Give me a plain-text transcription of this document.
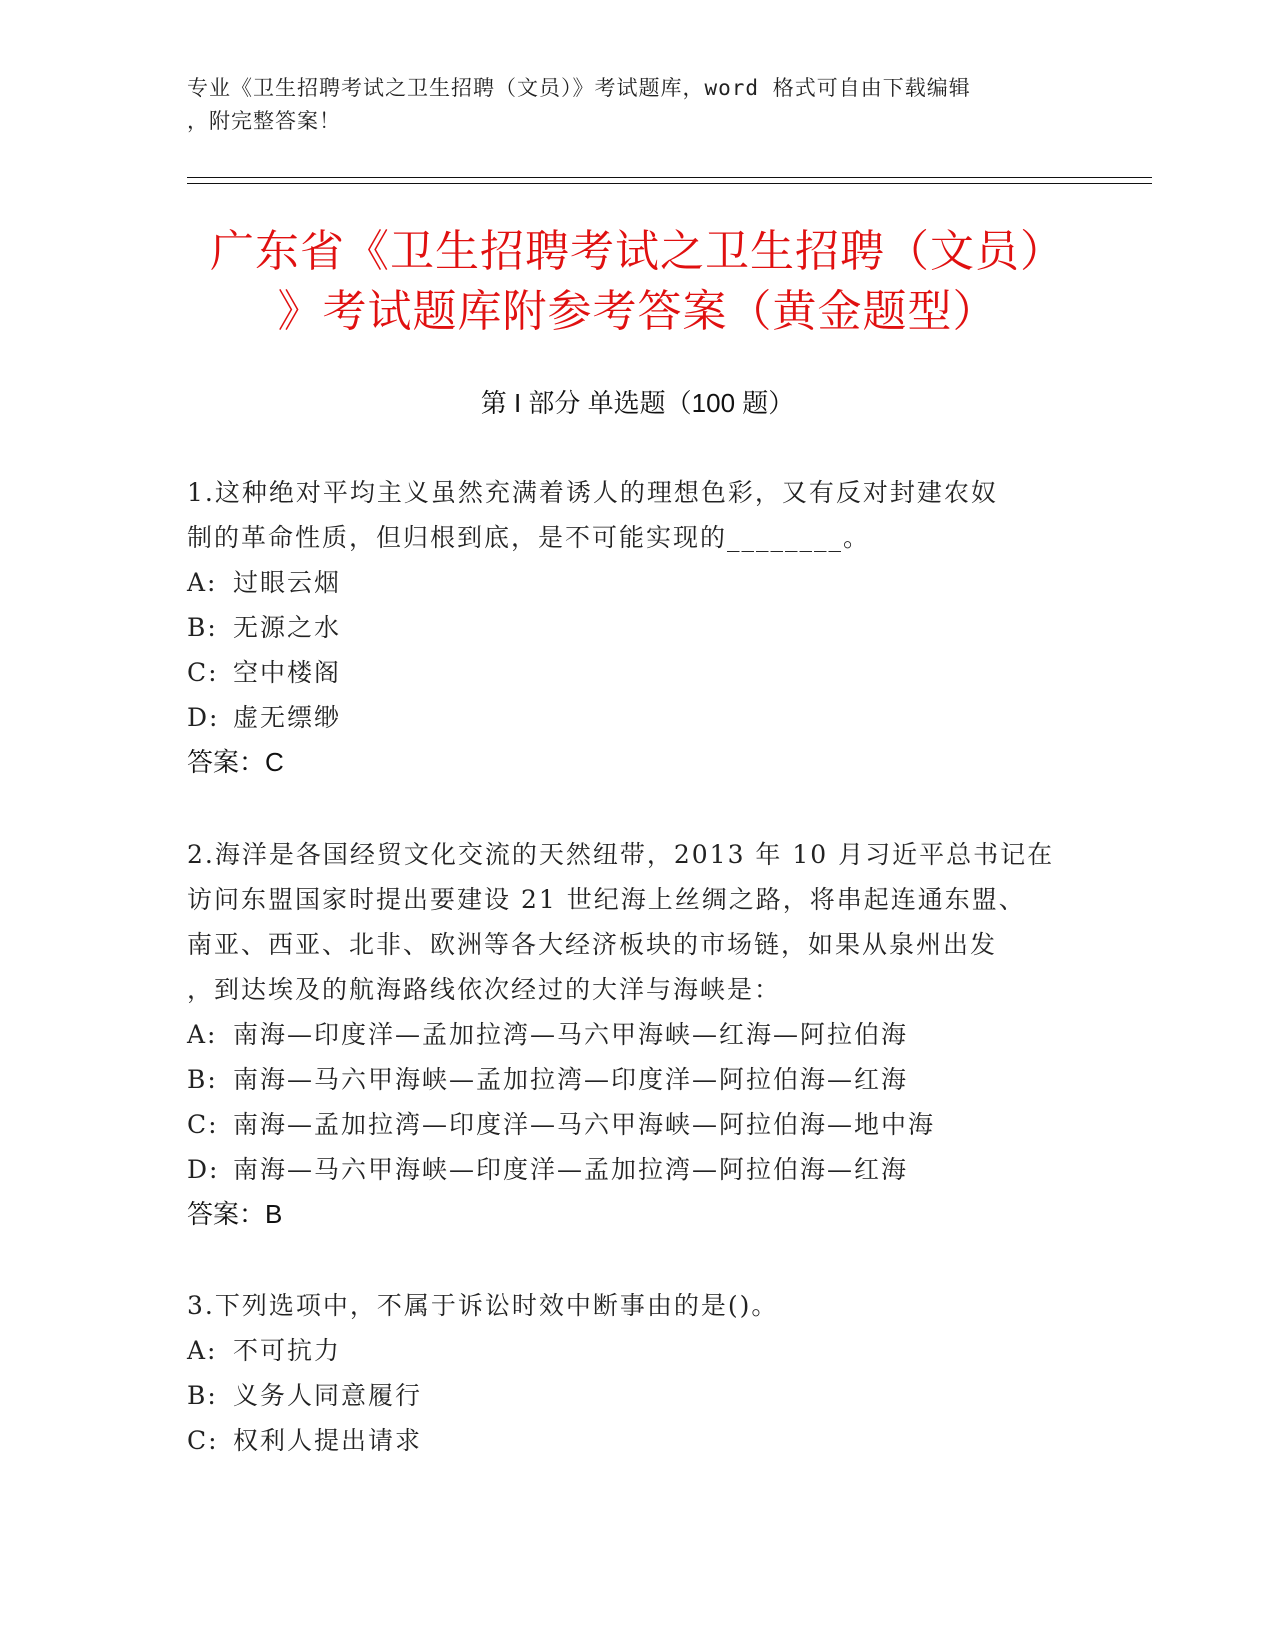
专业《卫生招聘考试之卫生招聘（文员）》考试题库，word 格式可自由下载编辑
，附完整答案！
广东省《卫生招聘考试之卫生招聘（文员）
》考试题库附参考答案（黄金题型）
第 I 部分 单选题（100 题）
1.这种绝对平均主义虽然充满着诱人的理想色彩，又有反对封建农奴
制的革命性质，但归根到底，是不可能实现的________。
A: 过眼云烟
B: 无源之水
C: 空中楼阁
D: 虚无缥缈
答案：C
2.海洋是各国经贸文化交流的天然纽带，2013 年 10 月习近平总书记在
访问东盟国家时提出要建设 21 世纪海上丝绸之路，将串起连通东盟、
南亚、西亚、北非、欧洲等各大经济板块的市场链，如果从泉州出发
，到达埃及的航海路线依次经过的大洋与海峡是：
A: 南海—印度洋—孟加拉湾—马六甲海峡—红海—阿拉伯海
B: 南海—马六甲海峡—孟加拉湾—印度洋—阿拉伯海—红海
C: 南海—孟加拉湾—印度洋—马六甲海峡—阿拉伯海—地中海
D: 南海—马六甲海峡—印度洋—孟加拉湾—阿拉伯海—红海
答案：B
3.下列选项中，不属于诉讼时效中断事由的是()。
A: 不可抗力
B: 义务人同意履行
C: 权利人提出请求
